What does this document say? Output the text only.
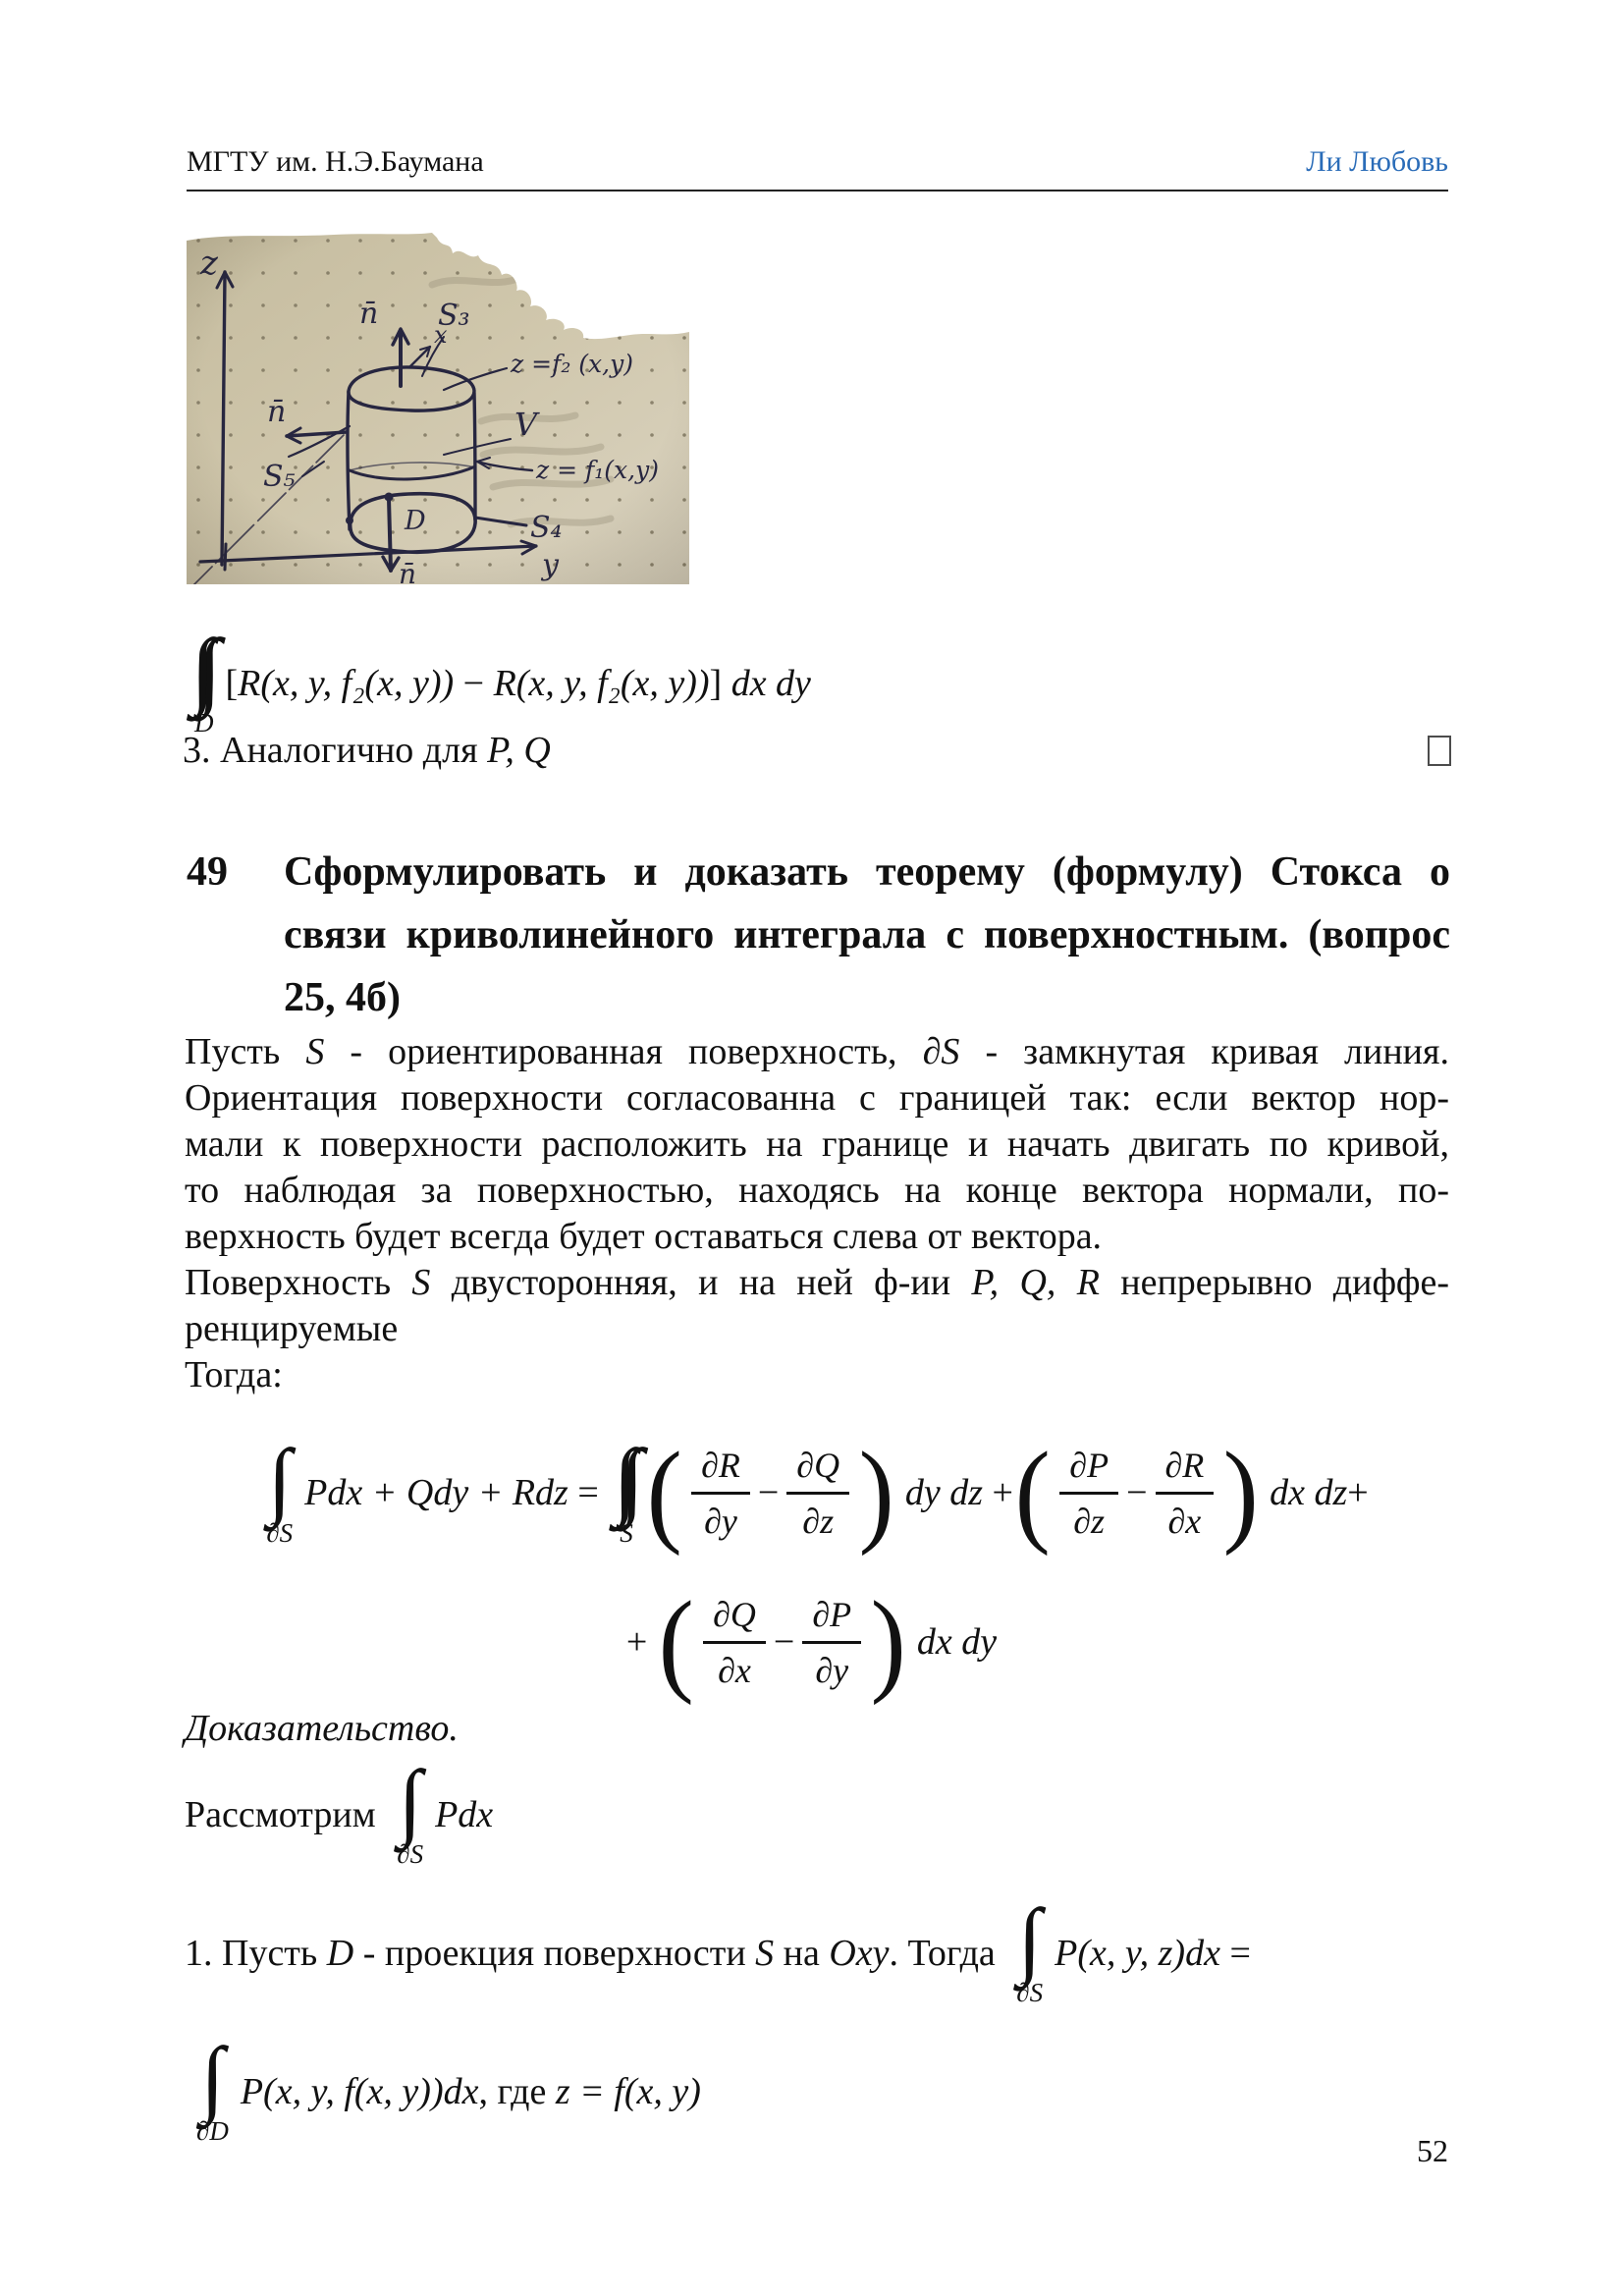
МГТУ им. Н.Э.Баумана	Ли Любовь
D
[ R(x, y, f₂(x, y)) − R(x, y, f₂(x, y)) ] dx dy
3. Аналогично для P, Q
49	Сформулировать и доказать теорему (формулу) Стокса о
связи криволинейного интеграла с поверхностным. (вопрос
25, 4б)
Пусть S - ориентированная поверхность, ∂S - замкнутая кривая линия.
Ориентация поверхности согласованна с границей так: если вектор нор-
мали к поверхности расположить на границе и начать двигать по кривой,
то наблюдая за поверхностью, находясь на конце вектора нормали, по-
верхность будет всегда будет оставаться слева от вектора.
Поверхность S двусторонняя, и на ней ф-ии P, Q, R непрерывно диффе-
ренцируемые
Тогда:
∫
∂S
Pdx + Qdy + Rdz =
S ( $\frac{\partial R}{\partial y} - \frac{\partial Q}{\partial z}$ ) dy dz + ( $\frac{\partial P}{\partial z} - \frac{\partial R}{\partial x}$ ) dx dz +
+ ( $\frac{\partial Q}{\partial x} - \frac{\partial P}{\partial y}$ ) dx dy
Доказательство.
Рассмотрим ∫
∂S
Pdx
1. Пусть D - проекция поверхности S на Oxy . Тогда ∫
∂S
P(x, y, z)dx =
∫
∂D
P(x, y, f(x, y))dx , где z = f(x, y)
52
